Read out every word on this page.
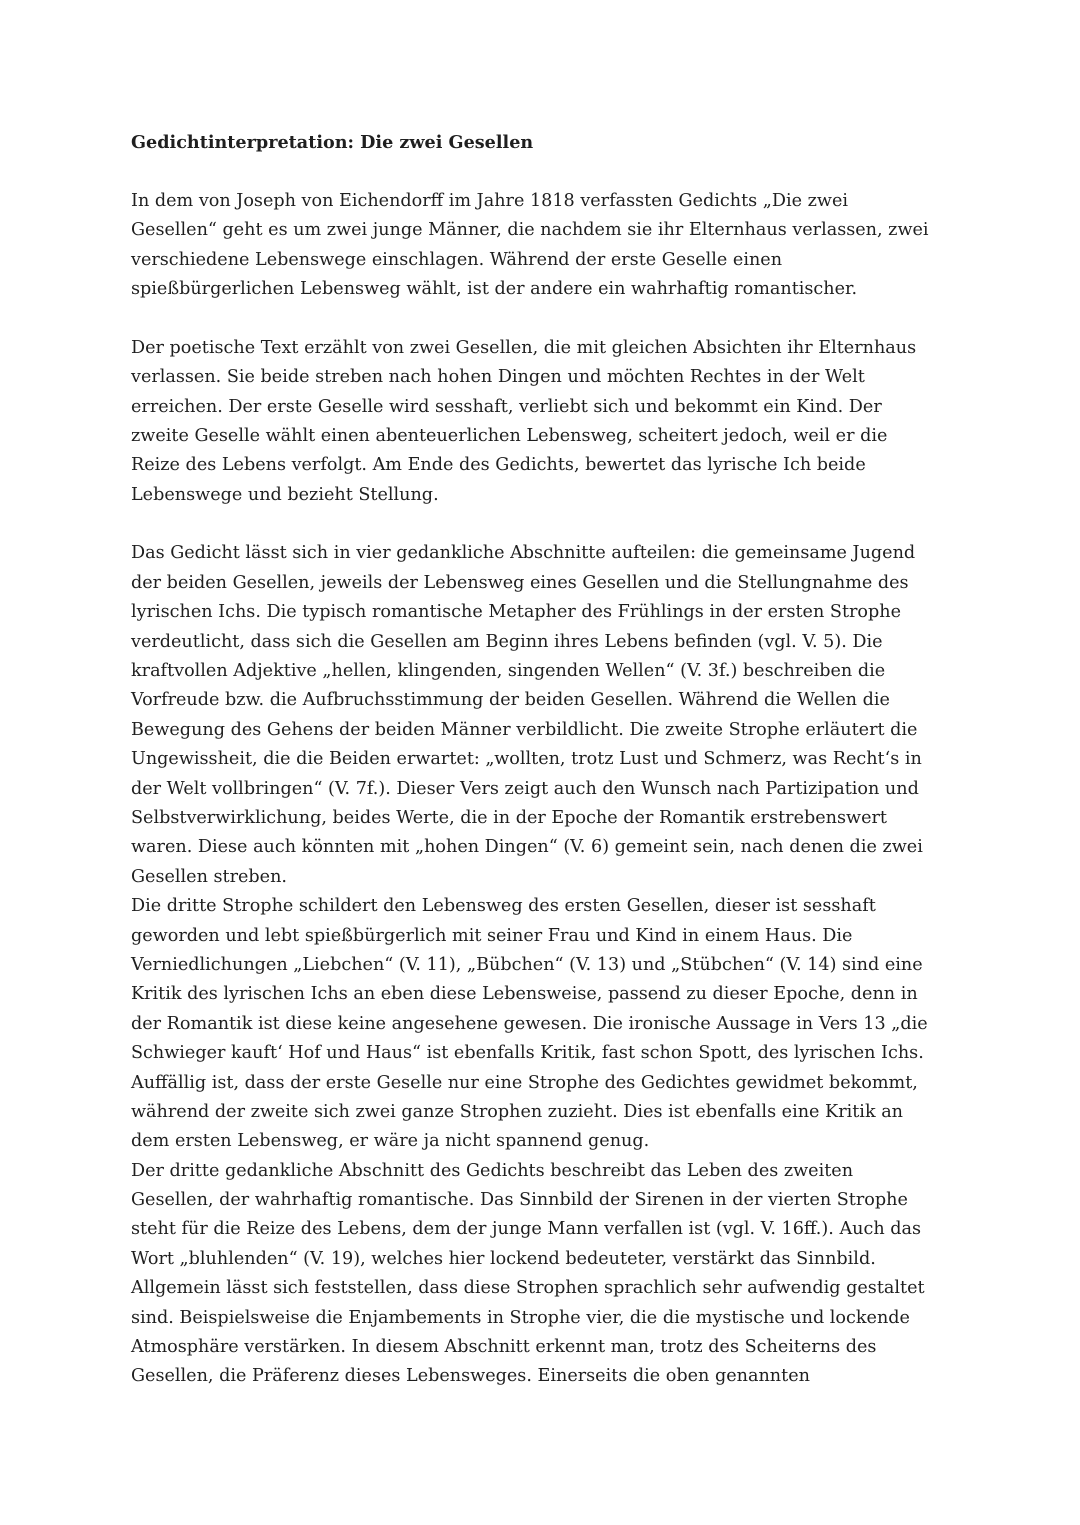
Gedichtinterpretation: Die zwei Gesellen
In dem von Joseph von Eichendorff im Jahre 1818 verfassten Gedichts „Die zwei
Gesellen“ geht es um zwei junge Männer, die nachdem sie ihr Elternhaus verlassen, zwei
verschiedene Lebenswege einschlagen. Während der erste Geselle einen
spießbürgerlichen Lebensweg wählt, ist der andere ein wahrhaftig romantischer.
Der poetische Text erzählt von zwei Gesellen, die mit gleichen Absichten ihr Elternhaus
verlassen. Sie beide streben nach hohen Dingen und möchten Rechtes in der Welt
erreichen. Der erste Geselle wird sesshaft, verliebt sich und bekommt ein Kind. Der
zweite Geselle wählt einen abenteuerlichen Lebensweg, scheitert jedoch, weil er die
Reize des Lebens verfolgt. Am Ende des Gedichts, bewertet das lyrische Ich beide
Lebenswege und bezieht Stellung.
Das Gedicht lässt sich in vier gedankliche Abschnitte aufteilen: die gemeinsame Jugend
der beiden Gesellen, jeweils der Lebensweg eines Gesellen und die Stellungnahme des
lyrischen Ichs. Die typisch romantische Metapher des Frühlings in der ersten Strophe
verdeutlicht, dass sich die Gesellen am Beginn ihres Lebens befinden (vgl. V. 5). Die
kraftvollen Adjektive „hellen, klingenden, singenden Wellen“ (V. 3f.) beschreiben die
Vorfreude bzw. die Aufbruchsstimmung der beiden Gesellen. Während die Wellen die
Bewegung des Gehens der beiden Männer verbildlicht. Die zweite Strophe erläutert die
Ungewissheit, die die Beiden erwartet: „wollten, trotz Lust und Schmerz, was Recht‘s in
der Welt vollbringen“ (V. 7f.). Dieser Vers zeigt auch den Wunsch nach Partizipation und
Selbstverwirklichung, beides Werte, die in der Epoche der Romantik erstrebenswert
waren. Diese auch könnten mit „hohen Dingen“ (V. 6) gemeint sein, nach denen die zwei
Gesellen streben.
Die dritte Strophe schildert den Lebensweg des ersten Gesellen, dieser ist sesshaft
geworden und lebt spießbürgerlich mit seiner Frau und Kind in einem Haus. Die
Verniedlichungen „Liebchen“ (V. 11), „Bübchen“ (V. 13) und „Stübchen“ (V. 14) sind eine
Kritik des lyrischen Ichs an eben diese Lebensweise, passend zu dieser Epoche, denn in
der Romantik ist diese keine angesehene gewesen. Die ironische Aussage in Vers 13 „die
Schwieger kauft‘ Hof und Haus“ ist ebenfalls Kritik, fast schon Spott, des lyrischen Ichs.
Auffällig ist, dass der erste Geselle nur eine Strophe des Gedichtes gewidmet bekommt,
während der zweite sich zwei ganze Strophen zuzieht. Dies ist ebenfalls eine Kritik an
dem ersten Lebensweg, er wäre ja nicht spannend genug.
Der dritte gedankliche Abschnitt des Gedichts beschreibt das Leben des zweiten
Gesellen, der wahrhaftig romantische. Das Sinnbild der Sirenen in der vierten Strophe
steht für die Reize des Lebens, dem der junge Mann verfallen ist (vgl. V. 16ff.). Auch das
Wort „bluhlenden“ (V. 19), welches hier lockend bedeuteter, verstärkt das Sinnbild.
Allgemein lässt sich feststellen, dass diese Strophen sprachlich sehr aufwendig gestaltet
sind. Beispielsweise die Enjambements in Strophe vier, die die mystische und lockende
Atmosphäre verstärken. In diesem Abschnitt erkennt man, trotz des Scheiterns des
Gesellen, die Präferenz dieses Lebensweges. Einerseits die oben genannten
